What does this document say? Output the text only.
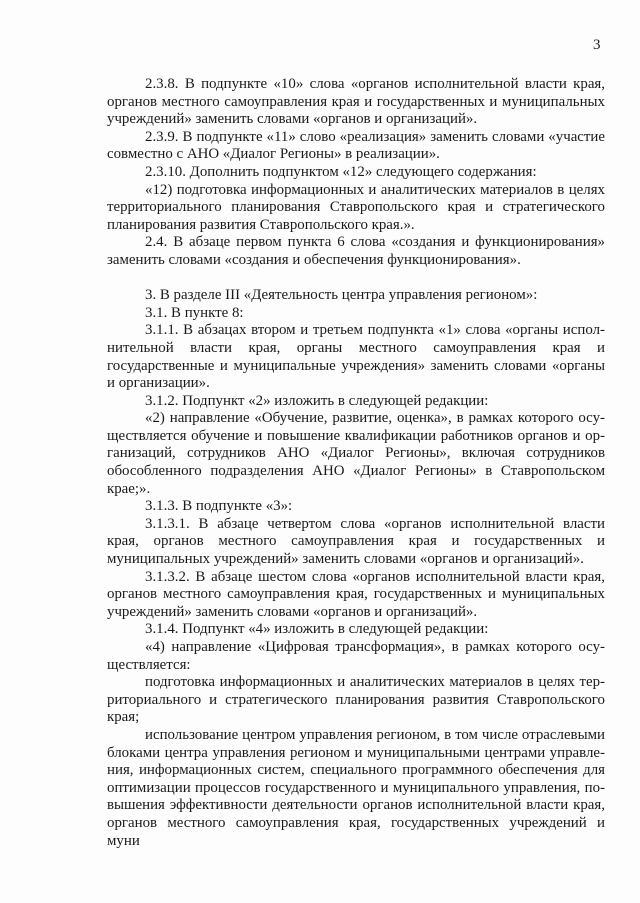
3

2.3.8. В подпункте «10» слова «органов исполнительной власти края, органов местного самоуправления края и государственных и муниципальных учреждений» заменить словами «органов и организаций».

2.3.9. В подпункте «11» слово «реализация» заменить словами «участие совместно с АНО «Диалог Регионы» в реализации».

2.3.10. Дополнить подпунктом «12» следующего содержания:

«12) подготовка информационных и аналитических материалов в целях территориального планирования Ставропольского края и стратегического планирования развития Ставропольского края.».

2.4. В абзаце первом пункта 6 слова «создания и функционирования» заменить словами «создания и обеспечения функционирования».

3. В разделе III «Деятельность центра управления регионом»:

3.1. В пункте 8:

3.1.1. В абзацах втором и третьем подпункта «1» слова «органы исполнительной власти края, органы местного самоуправления края и государственные и муниципальные учреждения» заменить словами «органы и организации».

3.1.2. Подпункт «2» изложить в следующей редакции:

«2) направление «Обучение, развитие, оценка», в рамках которого осуществляется обучение и повышение квалификации работников органов и организаций, сотрудников АНО «Диалог Регионы», включая сотрудников обособленного подразделения АНО «Диалог Регионы» в Ставропольском крае;».

3.1.3. В подпункте «3»:

3.1.3.1. В абзаце четвертом слова «органов исполнительной власти края, органов местного самоуправления края и государственных и муниципальных учреждений» заменить словами «органов и организаций».

3.1.3.2. В абзаце шестом слова «органов исполнительной власти края, органов местного самоуправления края, государственных и муниципальных учреждений» заменить словами «органов и организаций».

3.1.4. Подпункт «4» изложить в следующей редакции:

«4) направление «Цифровая трансформация», в рамках которого осуществляется:

подготовка информационных и аналитических материалов в целях территориального и стратегического планирования развития Ставропольского края;

использование центром управления регионом, в том числе отраслевыми блоками центра управления регионом и муниципальными центрами управления, информационных систем, специального программного обеспечения для оптимизации процессов государственного и муниципального управления, повышения эффективности деятельности органов исполнительной власти края, органов местного самоуправления края, государственных учреждений и муни
